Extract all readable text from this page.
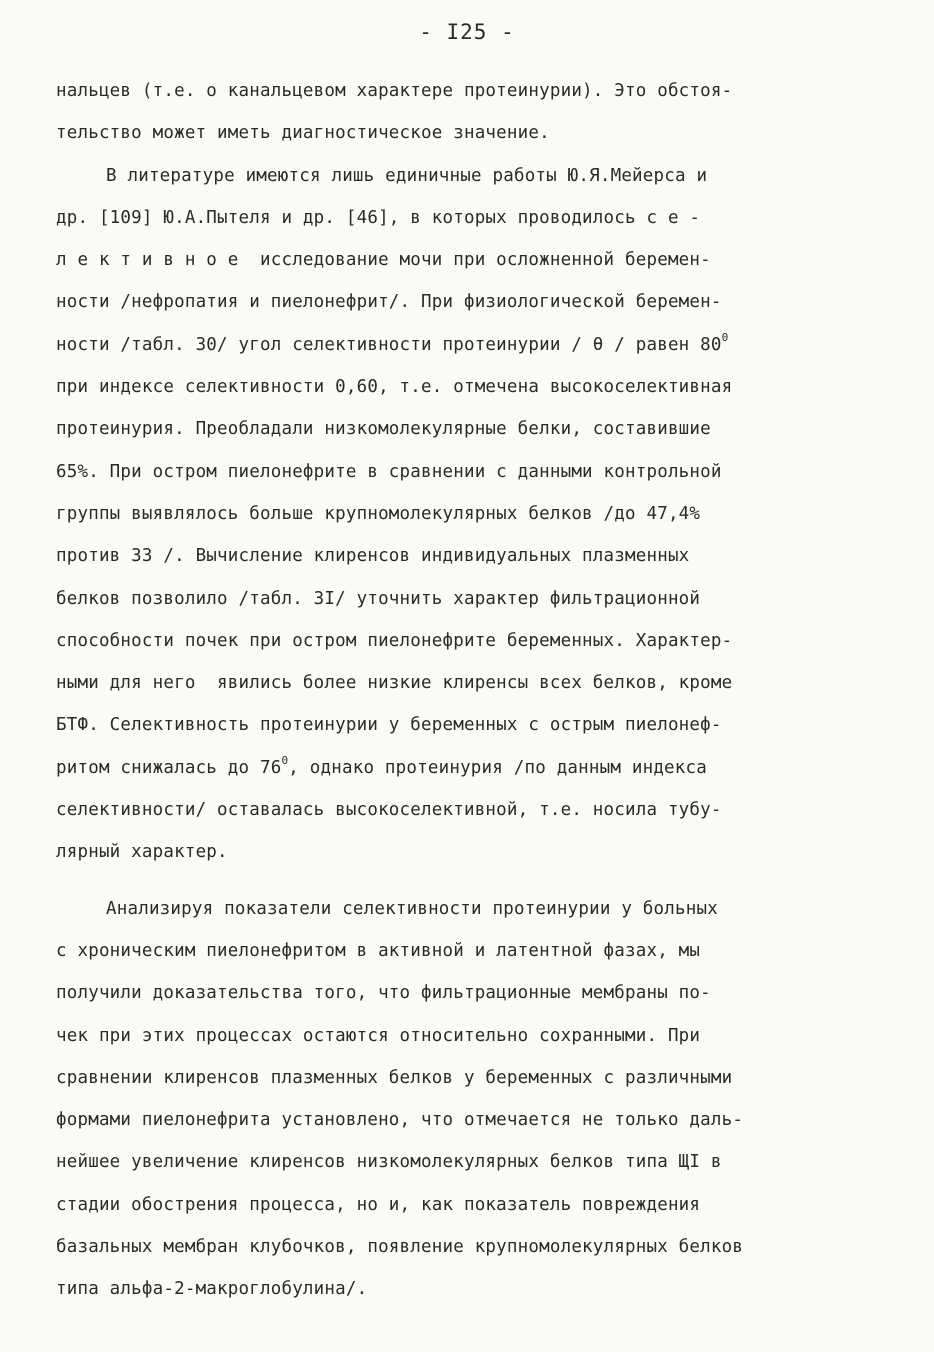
- I25 -
нальцев (т.е. о канальцевом характере протеинурии). Это обстоя-
тельство может иметь диагностическое значение.
В литературе имеются лишь единичные работы Ю.Я.Мейерса и
др. [109] Ю.А.Пытеля и др. [46], в которых проводилось с е -
л е к т и в н о е  исследование мочи при осложненной беремен-
ности /нефропатия и пиелонефрит/. При физиологической беремен-
ности /табл. 30/ угол селективности протеинурии / θ / равен $80^0$
при индексе селективности 0,60, т.е. отмечена высокоселективная
протеинурия. Преобладали низкомолекулярные белки, составившие
65%. При остром пиелонефрите в сравнении с данными контрольной
группы выявлялось больше крупномолекулярных белков /до 47,4%
против 33 /. Вычисление клиренсов индивидуальных плазменных
белков позволило /табл. 3I/ уточнить характер фильтрационной
способности почек при остром пиелонефрите беременных. Характер-
ными для него  явились более низкие клиренсы всех белков, кроме
БТФ. Селективность протеинурии у беременных с острым пиелонеф-
ритом снижалась до $76^0$, однако протеинурия /по данным индекса
селективности/ оставалась высокоселективной, т.е. носила тубу-
лярный характер.
Анализируя показатели селективности протеинурии у больных
с хроническим пиелонефритом в активной и латентной фазах, мы
получили доказательства того, что фильтрационные мембраны по-
чек при этих процессах остаются относительно сохранными. При
сравнении клиренсов плазменных белков у беременных с различными
формами пиелонефрита установлено, что отмечается не только даль-
нейшее увеличение клиренсов низкомолекулярных белков типа ЩI в
стадии обострения процесса, но и, как показатель повреждения
базальных мембран клубочков, появление крупномолекулярных белков
типа альфа-2-макроглобулина/.
